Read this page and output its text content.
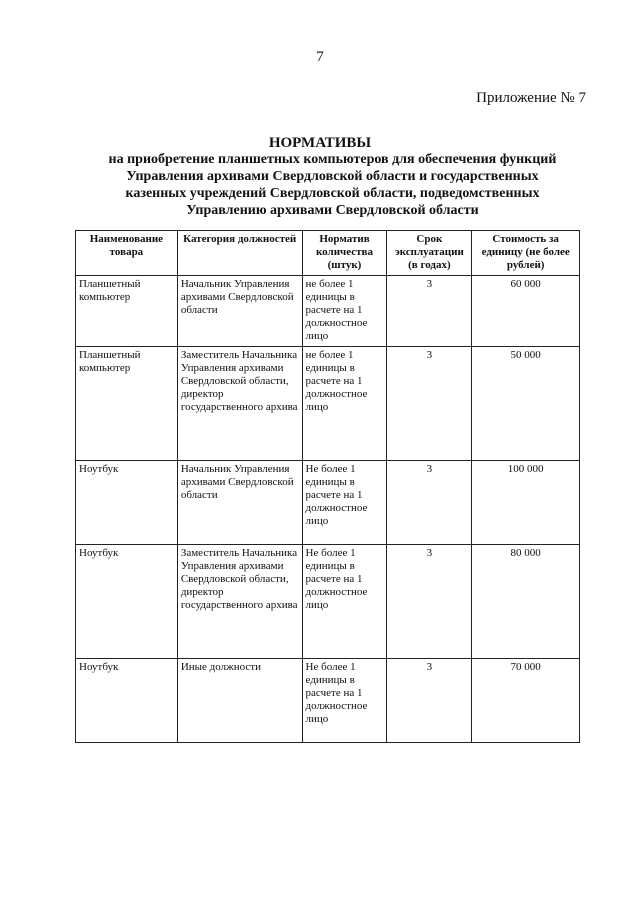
7
Приложение № 7
НОРМАТИВЫ
на приобретение планшетных компьютеров для обеспечения функций Управления архивами Свердловской области и государственных казенных учреждений Свердловской области, подведомственных Управлению архивами Свердловской области
Наименование товара	Категория должностей	Норматив количества (штук)	Срок эксплуатации (в годах)	Стоимость за единицу (не более рублей)
Планшетный компьютер	Начальник Управления архивами Свердловской области	не более 1 единицы в расчете на 1 должностное лицо	3	60 000
Планшетный компьютер	Заместитель Начальника Управления архивами Свердловской области, директор государственного архива	не более 1 единицы в расчете на 1 должностное лицо	3	50 000
Ноутбук	Начальник Управления архивами Свердловской области	Не более 1 единицы в расчете на 1 должностное лицо	3	100 000
Ноутбук	Заместитель Начальника Управления архивами Свердловской области, директор государственного архива	Не более 1 единицы в расчете на 1 должностное лицо	3	80 000
Ноутбук	Иные должности	Не более 1 единицы в расчете на 1 должностное лицо	3	70 000
